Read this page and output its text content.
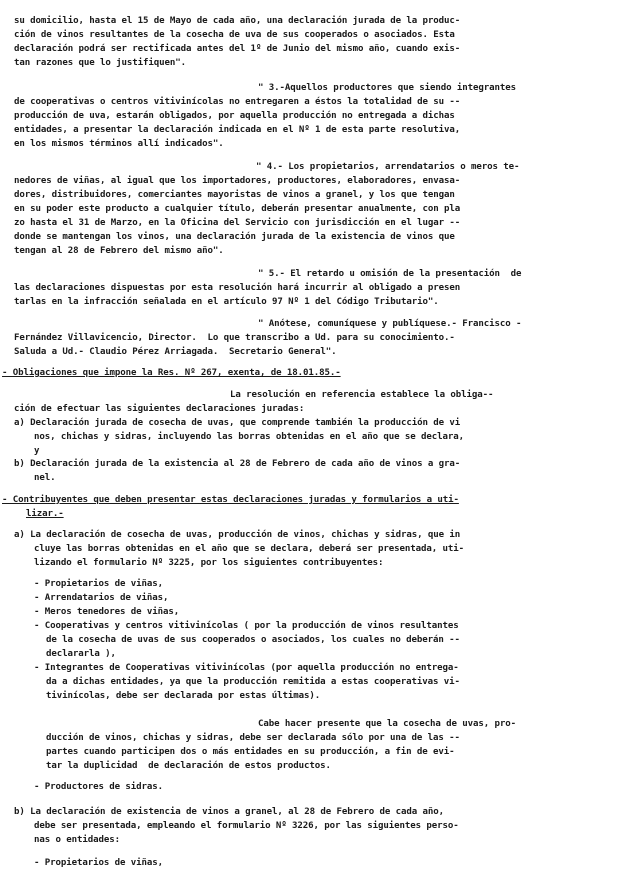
su domicilio, hasta el 15 de Mayo de cada año, una declaración jurada de la produc-
ción de vinos resultantes de la cosecha de uva de sus cooperados o asociados. Esta
declaración podrá ser rectificada antes del 1º de Junio del mismo año, cuando exis-
tan razones que lo justifiquen".
" 3.-Aquellos productores que siendo integrantes
de cooperativas o centros vitivinícolas no entregaren a éstos la totalidad de su --
producción de uva, estarán obligados, por aquella producción no entregada a dichas
entidades, a presentar la declaración indicada en el Nº 1 de esta parte resolutiva,
en los mismos términos allí indicados".
" 4.- Los propietarios, arrendatarios o meros te-
nedores de viñas, al igual que los importadores, productores, elaboradores, envasa-
dores, distribuidores, comerciantes mayoristas de vinos a granel, y los que tengan
en su poder este producto a cualquier título, deberán presentar anualmente, con pla
zo hasta el 31 de Marzo, en la Oficina del Servicio con jurisdicción en el lugar --
donde se mantengan los vinos, una declaración jurada de la existencia de vinos que
tengan al 28 de Febrero del mismo año".
" 5.- El retardo u omisión de la presentación  de
las declaraciones dispuestas por esta resolución hará incurrir al obligado a presen
tarlas en la infracción señalada en el artículo 97 Nº 1 del Código Tributario".
" Anótese, comuníquese y publíquese.- Francisco -
Fernández Villavicencio, Director.  Lo que transcribo a Ud. para su conocimiento.-
Saluda a Ud.- Claudio Pérez Arriagada.  Secretario General".
- Obligaciones que impone la Res. Nº 267, exenta, de 18.01.85.-
La resolución en referencia establece la obliga--
ción de efectuar las siguientes declaraciones juradas:
a) Declaración jurada de cosecha de uvas, que comprende también la producción de vi
nos, chichas y sidras, incluyendo las borras obtenidas en el año que se declara,
y
b) Declaración jurada de la existencia al 28 de Febrero de cada año de vinos a gra-
nel.
- Contribuyentes que deben presentar estas declaraciones juradas y formularios a uti-
lizar.-
a) La declaración de cosecha de uvas, producción de vinos, chichas y sidras, que in
cluye las borras obtenidas en el año que se declara, deberá ser presentada, uti-
lizando el formulario Nº 3225, por los siguientes contribuyentes:
- Propietarios de viñas,
- Arrendatarios de viñas,
- Meros tenedores de viñas,
- Cooperativas y centros vitivinícolas ( por la producción de vinos resultantes
de la cosecha de uvas de sus cooperados o asociados, los cuales no deberán --
declararla ),
- Integrantes de Cooperativas vitivinícolas (por aquella producción no entrega-
da a dichas entidades, ya que la producción remitida a estas cooperativas vi-
tivinícolas, debe ser declarada por estas últimas).
Cabe hacer presente que la cosecha de uvas, pro-
ducción de vinos, chichas y sidras, debe ser declarada sólo por una de las --
partes cuando participen dos o más entidades en su producción, a fin de evi-
tar la duplicidad  de declaración de estos productos.
- Productores de sidras.
b) La declaración de existencia de vinos a granel, al 28 de Febrero de cada año,
debe ser presentada, empleando el formulario Nº 3226, por las siguientes perso-
nas o entidades:
- Propietarios de viñas,
